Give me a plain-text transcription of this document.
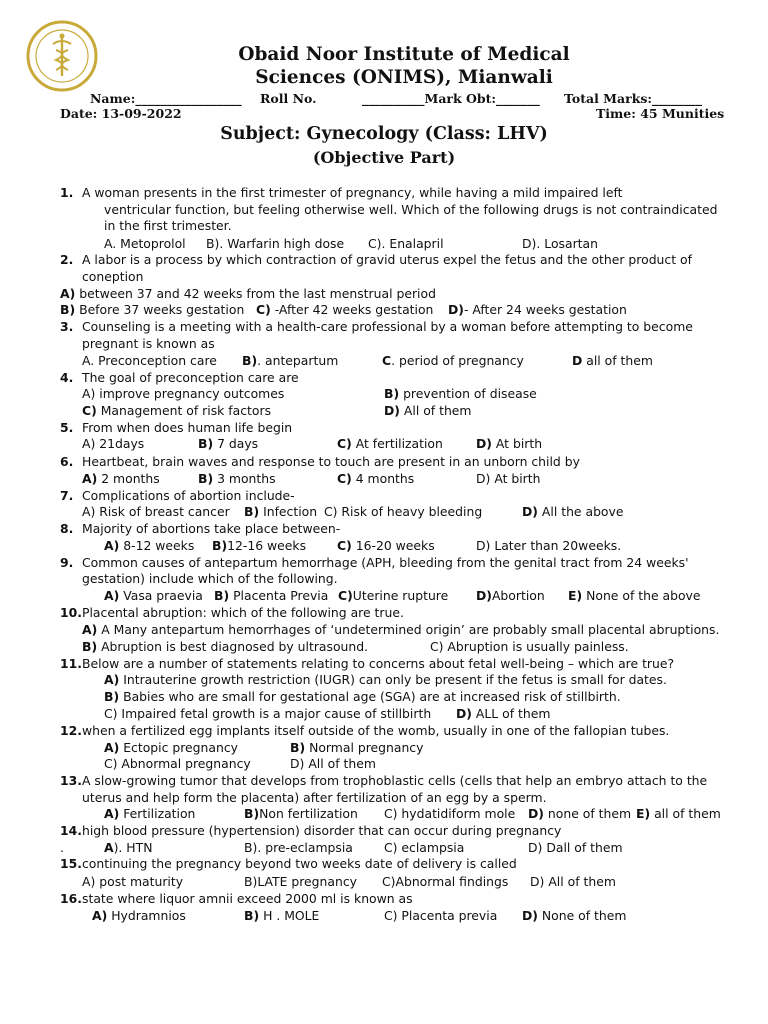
Obaid Noor Institute of Medical
Sciences (ONIMS), Mianwali
Name:_________________ Roll No.	__________Mark Obt:_______ Total Marks:________
Date: 13-09-2022	Time: 45 Munities
Subject: Gynecology (Class: LHV)
(Objective Part)
1. A woman presents in the first trimester of pregnancy, while having a mild impaired left
ventricular function, but feeling otherwise well. Which of the following drugs is not contraindicated
in the first trimester.
A. Metoprolol B). Warfarin high dose C). Enalapril	D). Losartan
2. A labor is a process by which contraction of gravid uterus expel the fetus and the other product of
coneption
A) between 37 and 42 weeks from the last menstrual period
B) Before 37 weeks gestation C) -After 42 weeks gestation D)- After 24 weeks gestation
3. Counseling is a meeting with a health-care professional by a woman before attempting to become
pregnant is known as
A. Preconception care B). antepartum	C. period of pregnancy	D all of them
4. The goal of preconception care are
A) improve pregnancy outcomes	B) prevention of disease
C) Management of risk factors	D) All of them
5. From when does human life begin
A) 21days	B) 7 days	C) At fertilization	D) At birth
6. Heartbeat, brain waves and response to touch are present in an unborn child by
A) 2 months	B) 3 months	C) 4 months	D) At birth
7. Complications of abortion include-
A) Risk of breast cancer B) Infection C) Risk of heavy bleeding	D) All the above
8. Majority of abortions take place between-
A) 8-12 weeks B)12-16 weeks C) 16-20 weeks	D) Later than 20weeks.
9. Common causes of antepartum hemorrhage (APH, bleeding from the genital tract from 24 weeks'
gestation) include which of the following.
A) Vasa praevia B) Placenta Previa C)Uterine rupture D)Abortion E) None of the above
10. Placental abruption: which of the following are true.
A) A Many antepartum hemorrhages of ‘undetermined origin’ are probably small placental abruptions.
B) Abruption is best diagnosed by ultrasound.	C) Abruption is usually painless.
11. Below are a number of statements relating to concerns about fetal well-being – which are true?
A) Intrauterine growth restriction (IUGR) can only be present if the fetus is small for dates.
B) Babies who are small for gestational age (SGA) are at increased risk of stillbirth.
C) Impaired fetal growth is a major cause of stillbirth D) ALL of them
12. when a fertilized egg implants itself outside of the womb, usually in one of the fallopian tubes.
A) Ectopic pregnancy	B) Normal pregnancy
C) Abnormal pregnancy	D) All of them
13. A slow-growing tumor that develops from trophoblastic cells (cells that help an embryo attach to the
uterus and help form the placenta) after fertilization of an egg by a sperm.
A) Fertilization	B)Non fertilization C) hydatidiform mole D) none of them E) all of them
14. high blood pressure (hypertension) disorder that can occur during pregnancy
.	A). HTN	B). pre-eclampsia	C) eclampsia	D) Dall of them
15. continuing the pregnancy beyond two weeks date of delivery is called
A) post maturity	B)LATE pregnancy C)Abnormal findings D) All of them
16. state where liquor amnii exceed 2000 ml is known as
A) Hydramnios	B) H . MOLE	C) Placenta previa D) None of them
